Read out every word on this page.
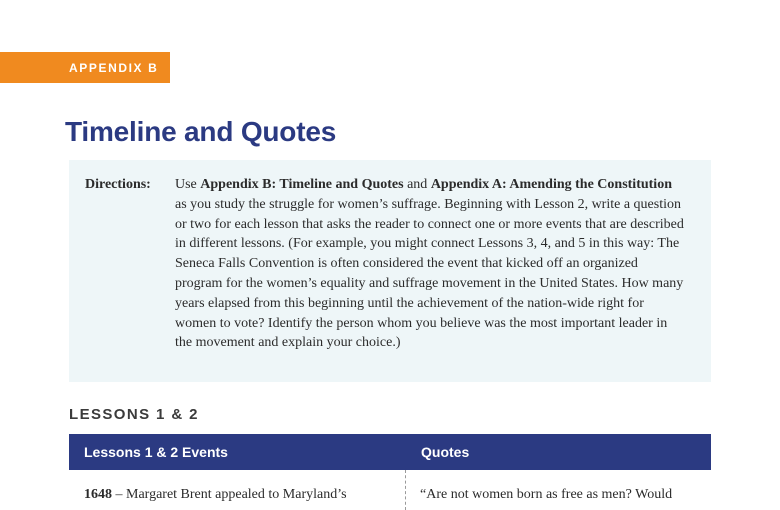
APPENDIX B
Timeline and Quotes
Directions: Use Appendix B: Timeline and Quotes and Appendix A: Amending the Constitution as you study the struggle for women’s suffrage. Beginning with Lesson 2, write a question or two for each lesson that asks the reader to connect one or more events that are described in different lessons. (For example, you might connect Lessons 3, 4, and 5 in this way: The Seneca Falls Convention is often considered the event that kicked off an organized program for the women’s equality and suffrage movement in the United States. How many years elapsed from this beginning until the achievement of the nation-wide right for women to vote? Identify the person whom you believe was the most important leader in the movement and explain your choice.)

LESSONS 1 & 2
Lessons 1 & 2 Events	Quotes
1648 – Margaret Brent appealed to Maryland’s	“Are not women born as free as men? Would
